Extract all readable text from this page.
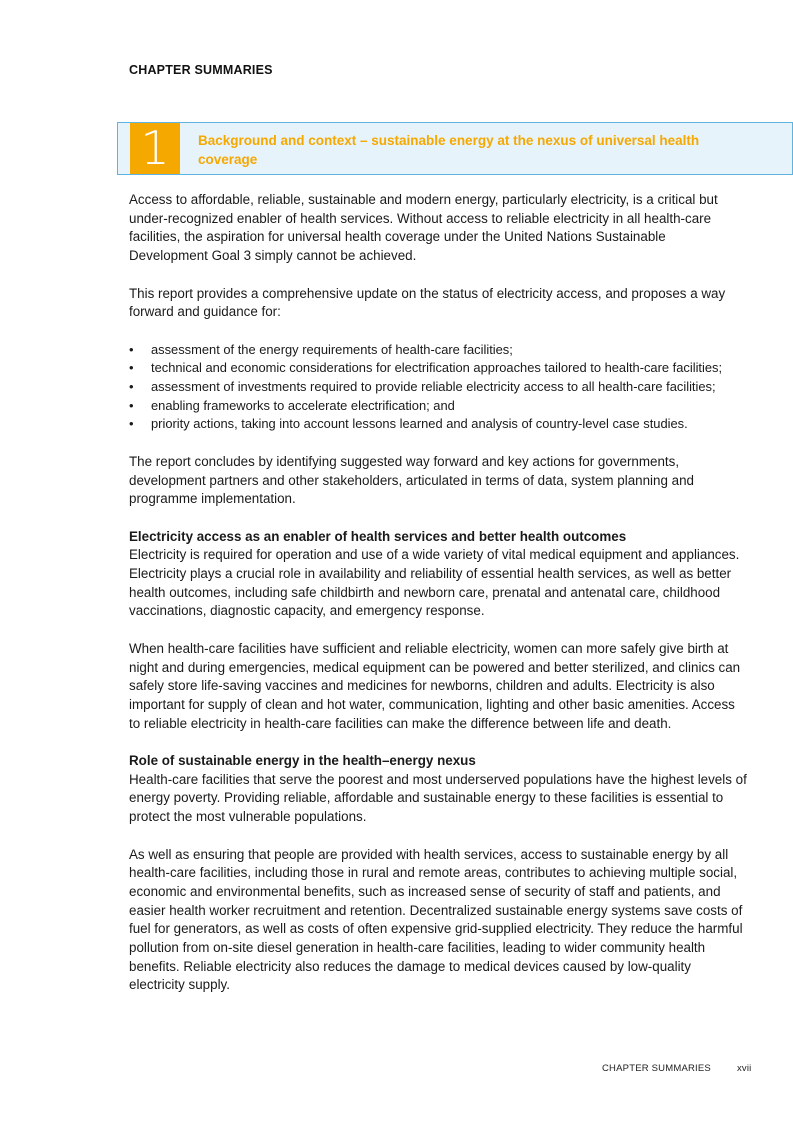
CHAPTER SUMMARIES
1	Background and context – sustainable energy at the nexus of universal health coverage

Access to affordable, reliable, sustainable and modern energy, particularly electricity, is a critical but under-recognized enabler of health services. Without access to reliable electricity in all health-care facilities, the aspiration for universal health coverage under the United Nations Sustainable Development Goal 3 simply cannot be achieved.

This report provides a comprehensive update on the status of electricity access, and proposes a way forward and guidance for:

• assessment of the energy requirements of health-care facilities;
• technical and economic considerations for electrification approaches tailored to health-care facilities;
• assessment of investments required to provide reliable electricity access to all health-care facilities;
• enabling frameworks to accelerate electrification; and
• priority actions, taking into account lessons learned and analysis of country-level case studies.

The report concludes by identifying suggested way forward and key actions for governments, development partners and other stakeholders, articulated in terms of data, system planning and programme implementation.

Electricity access as an enabler of health services and better health outcomes
Electricity is required for operation and use of a wide variety of vital medical equipment and appliances. Electricity plays a crucial role in availability and reliability of essential health services, as well as better health outcomes, including safe childbirth and newborn care, prenatal and antenatal care, childhood vaccinations, diagnostic capacity, and emergency response.

When health-care facilities have sufficient and reliable electricity, women can more safely give birth at night and during emergencies, medical equipment can be powered and better sterilized, and clinics can safely store life-saving vaccines and medicines for newborns, children and adults. Electricity is also important for supply of clean and hot water, communication, lighting and other basic amenities. Access to reliable electricity in health-care facilities can make the difference between life and death.

Role of sustainable energy in the health–energy nexus
Health-care facilities that serve the poorest and most underserved populations have the highest levels of energy poverty. Providing reliable, affordable and sustainable energy to these facilities is essential to protect the most vulnerable populations.

As well as ensuring that people are provided with health services, access to sustainable energy by all health-care facilities, including those in rural and remote areas, contributes to achieving multiple social, economic and environmental benefits, such as increased sense of security of staff and patients, and easier health worker recruitment and retention. Decentralized sustainable energy systems save costs of fuel for generators, as well as costs of often expensive grid-supplied electricity. They reduce the harmful pollution from on-site diesel generation in health-care facilities, leading to wider community health benefits. Reliable electricity also reduces the damage to medical devices caused by low-quality electricity supply.

CHAPTER SUMMARIES	xvii
